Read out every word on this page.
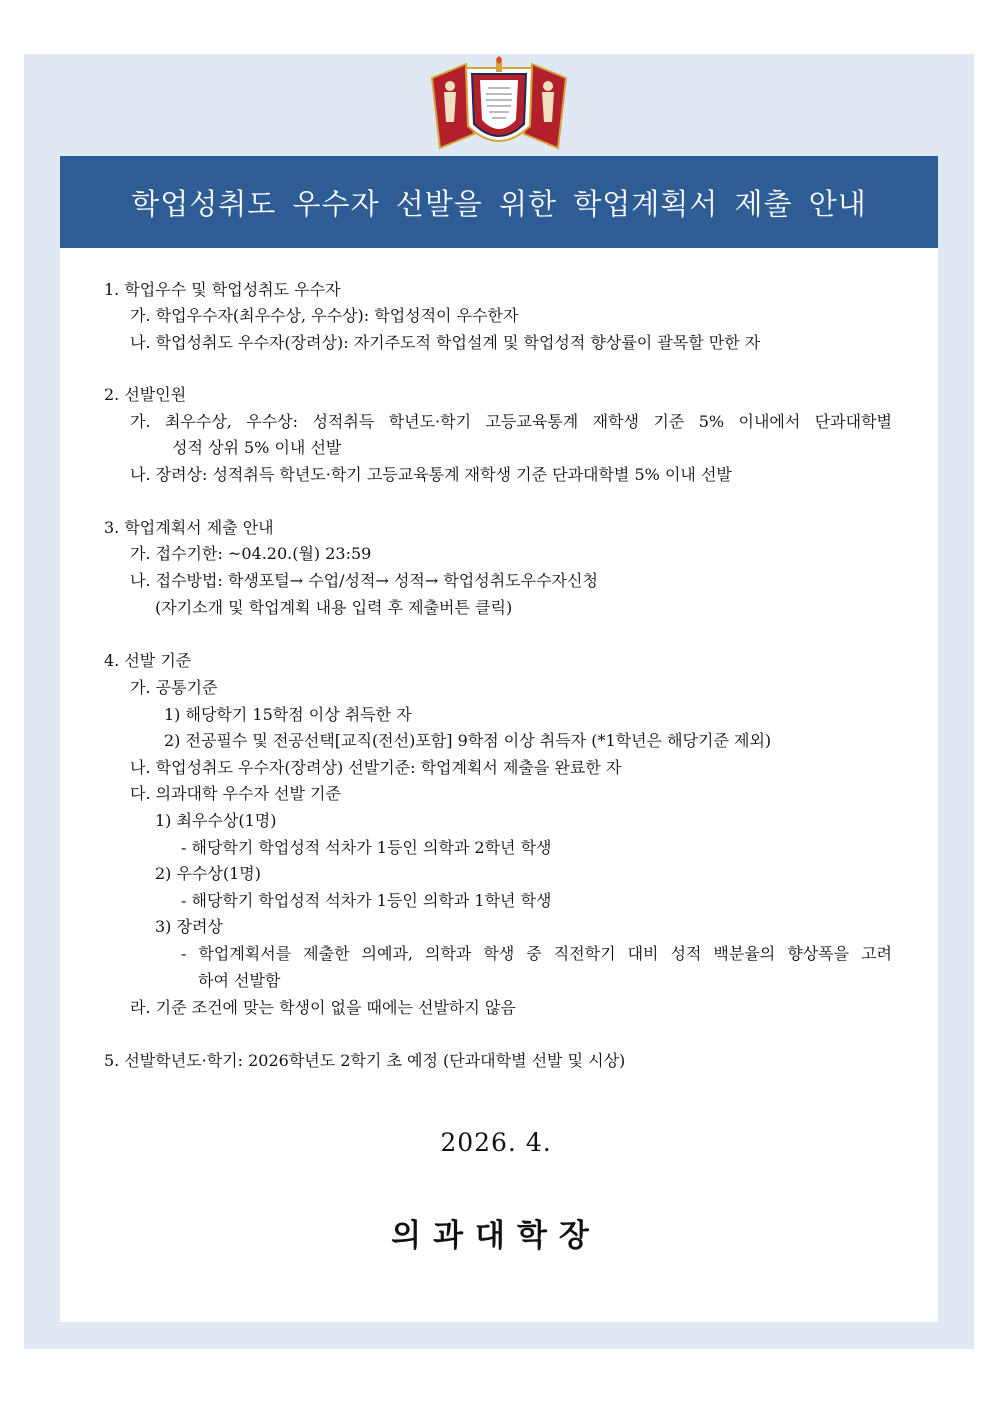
학업성취도 우수자 선발을 위한 학업계획서 제출 안내
1. 학업우수 및 학업성취도 우수자
가. 학업우수자(최우수상, 우수상): 학업성적이 우수한자
나. 학업성취도 우수자(장려상): 자기주도적 학업설계 및 학업성적 향상률이 괄목할 만한 자
2. 선발인원
가. 최우수상, 우수상: 성적취득 학년도·학기 고등교육통계 재학생 기준 5% 이내에서 단과대학별
성적 상위 5% 이내 선발
나. 장려상: 성적취득 학년도·학기 고등교육통계 재학생 기준 단과대학별 5% 이내 선발
3. 학업계획서 제출 안내
가. 접수기한: ~04.20.(월) 23:59
나. 접수방법: 학생포털→ 수업/성적→ 성적→ 학업성취도우수자신청
(자기소개 및 학업계획 내용 입력 후 제출버튼 클릭)
4. 선발 기준
가. 공통기준
1) 해당학기 15학점 이상 취득한 자
2) 전공필수 및 전공선택[교직(전선)포함] 9학점 이상 취득자 (*1학년은 해당기준 제외)
나. 학업성취도 우수자(장려상) 선발기준: 학업계획서 제출을 완료한 자
다. 의과대학 우수자 선발 기준
1) 최우수상(1명)
- 해당학기 학업성적 석차가 1등인 의학과 2학년 학생
2) 우수상(1명)
- 해당학기 학업성적 석차가 1등인 의학과 1학년 학생
3) 장려상
- 학업계획서를 제출한 의예과, 의학과 학생 중 직전학기 대비 성적 백분율의 향상폭을 고려
하여 선발함
라. 기준 조건에 맞는 학생이 없을 때에는 선발하지 않음
5. 선발학년도·학기: 2026학년도 2학기 초 예정 (단과대학별 선발 및 시상)
2026. 4.
의과대학장
